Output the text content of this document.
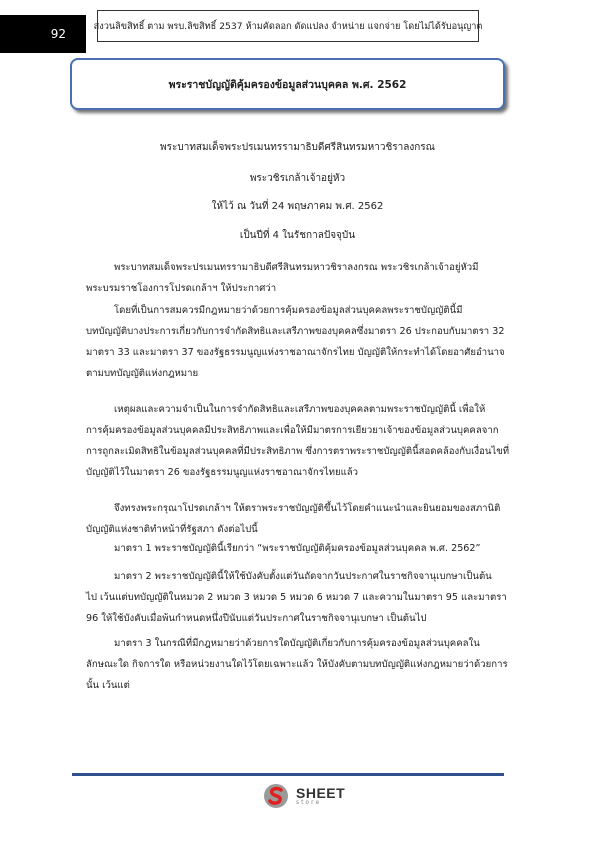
92
สงวนลิขสิทธิ์ ตาม พรบ.ลิขสิทธิ์ 2537 ห้ามคัดลอก ดัดแปลง จำหน่าย แจกจ่าย โดยไม่ได้รับอนุญาต
พระราชบัญญัติคุ้มครองข้อมูลส่วนบุคคล พ.ศ. 2562
พระบาทสมเด็จพระปรเมนทรรามาธิบดีศรีสินทรมหาวชิราลงกรณ
พระวชิรเกล้าเจ้าอยู่หัว
ให้ไว้ ณ วันที่ 24 พฤษภาคม พ.ศ. 2562
เป็นปีที่ 4 ในรัชกาลปัจจุบัน
พระบาทสมเด็จพระปรเมนทรรามาธิบดีศรีสินทรมหาวชิราลงกรณ พระวชิรเกล้าเจ้าอยู่หัวมี
พระบรมราชโองการโปรดเกล้าฯ ให้ประกาศว่า
โดยที่เป็นการสมควรมีกฎหมายว่าด้วยการคุ้มครองข้อมูลส่วนบุคคลพระราชบัญญัตินี้มี
บทบัญญัติบางประการเกี่ยวกับการจำกัดสิทธิและเสรีภาพของบุคคลซึ่งมาตรา 26 ประกอบกับมาตรา 32
มาตรา 33 และมาตรา 37 ของรัฐธรรมนูญแห่งราชอาณาจักรไทย บัญญัติให้กระทำได้โดยอาศัยอำนาจ
ตามบทบัญญัติแห่งกฎหมาย
เหตุผลและความจำเป็นในการจำกัดสิทธิและเสรีภาพของบุคคลตามพระราชบัญญัตินี้ เพื่อให้
การคุ้มครองข้อมูลส่วนบุคคลมีประสิทธิภาพและเพื่อให้มีมาตรการเยียวยาเจ้าของข้อมูลส่วนบุคคลจาก
การถูกละเมิดสิทธิในข้อมูลส่วนบุคคลที่มีประสิทธิภาพ ซึ่งการตราพระราชบัญญัตินี้สอดคล้องกับเงื่อนไขที่
บัญญัติไว้ในมาตรา 26 ของรัฐธรรมนูญแห่งราชอาณาจักรไทยแล้ว
จึงทรงพระกรุณาโปรดเกล้าฯ ให้ตราพระราชบัญญัติขึ้นไว้โดยคำแนะนำและยินยอมของสภานิติ
บัญญัติแห่งชาติทำหน้าที่รัฐสภา ดังต่อไปนี้
มาตรา 1 พระราชบัญญัตินี้เรียกว่า “พระราชบัญญัติคุ้มครองข้อมูลส่วนบุคคล พ.ศ. 2562”
มาตรา 2 พระราชบัญญัตินี้ให้ใช้บังคับตั้งแต่วันถัดจากวันประกาศในราชกิจจานุเบกษาเป็นต้น
ไป เว้นแต่บทบัญญัติในหมวด 2 หมวด 3 หมวด 5 หมวด 6 หมวด 7 และความในมาตรา 95 และมาตรา
96 ให้ใช้บังคับเมื่อพ้นกำหนดหนึ่งปีนับแต่วันประกาศในราชกิจจานุเบกษา เป็นต้นไป
มาตรา 3 ในกรณีที่มีกฎหมายว่าด้วยการใดบัญญัติเกี่ยวกับการคุ้มครองข้อมูลส่วนบุคคลใน
ลักษณะใด กิจการใด หรือหน่วยงานใดไว้โดยเฉพาะแล้ว ให้บังคับตามบทบัญญัติแห่งกฎหมายว่าด้วยการ
นั้น เว้นแต่
SHEET
store
